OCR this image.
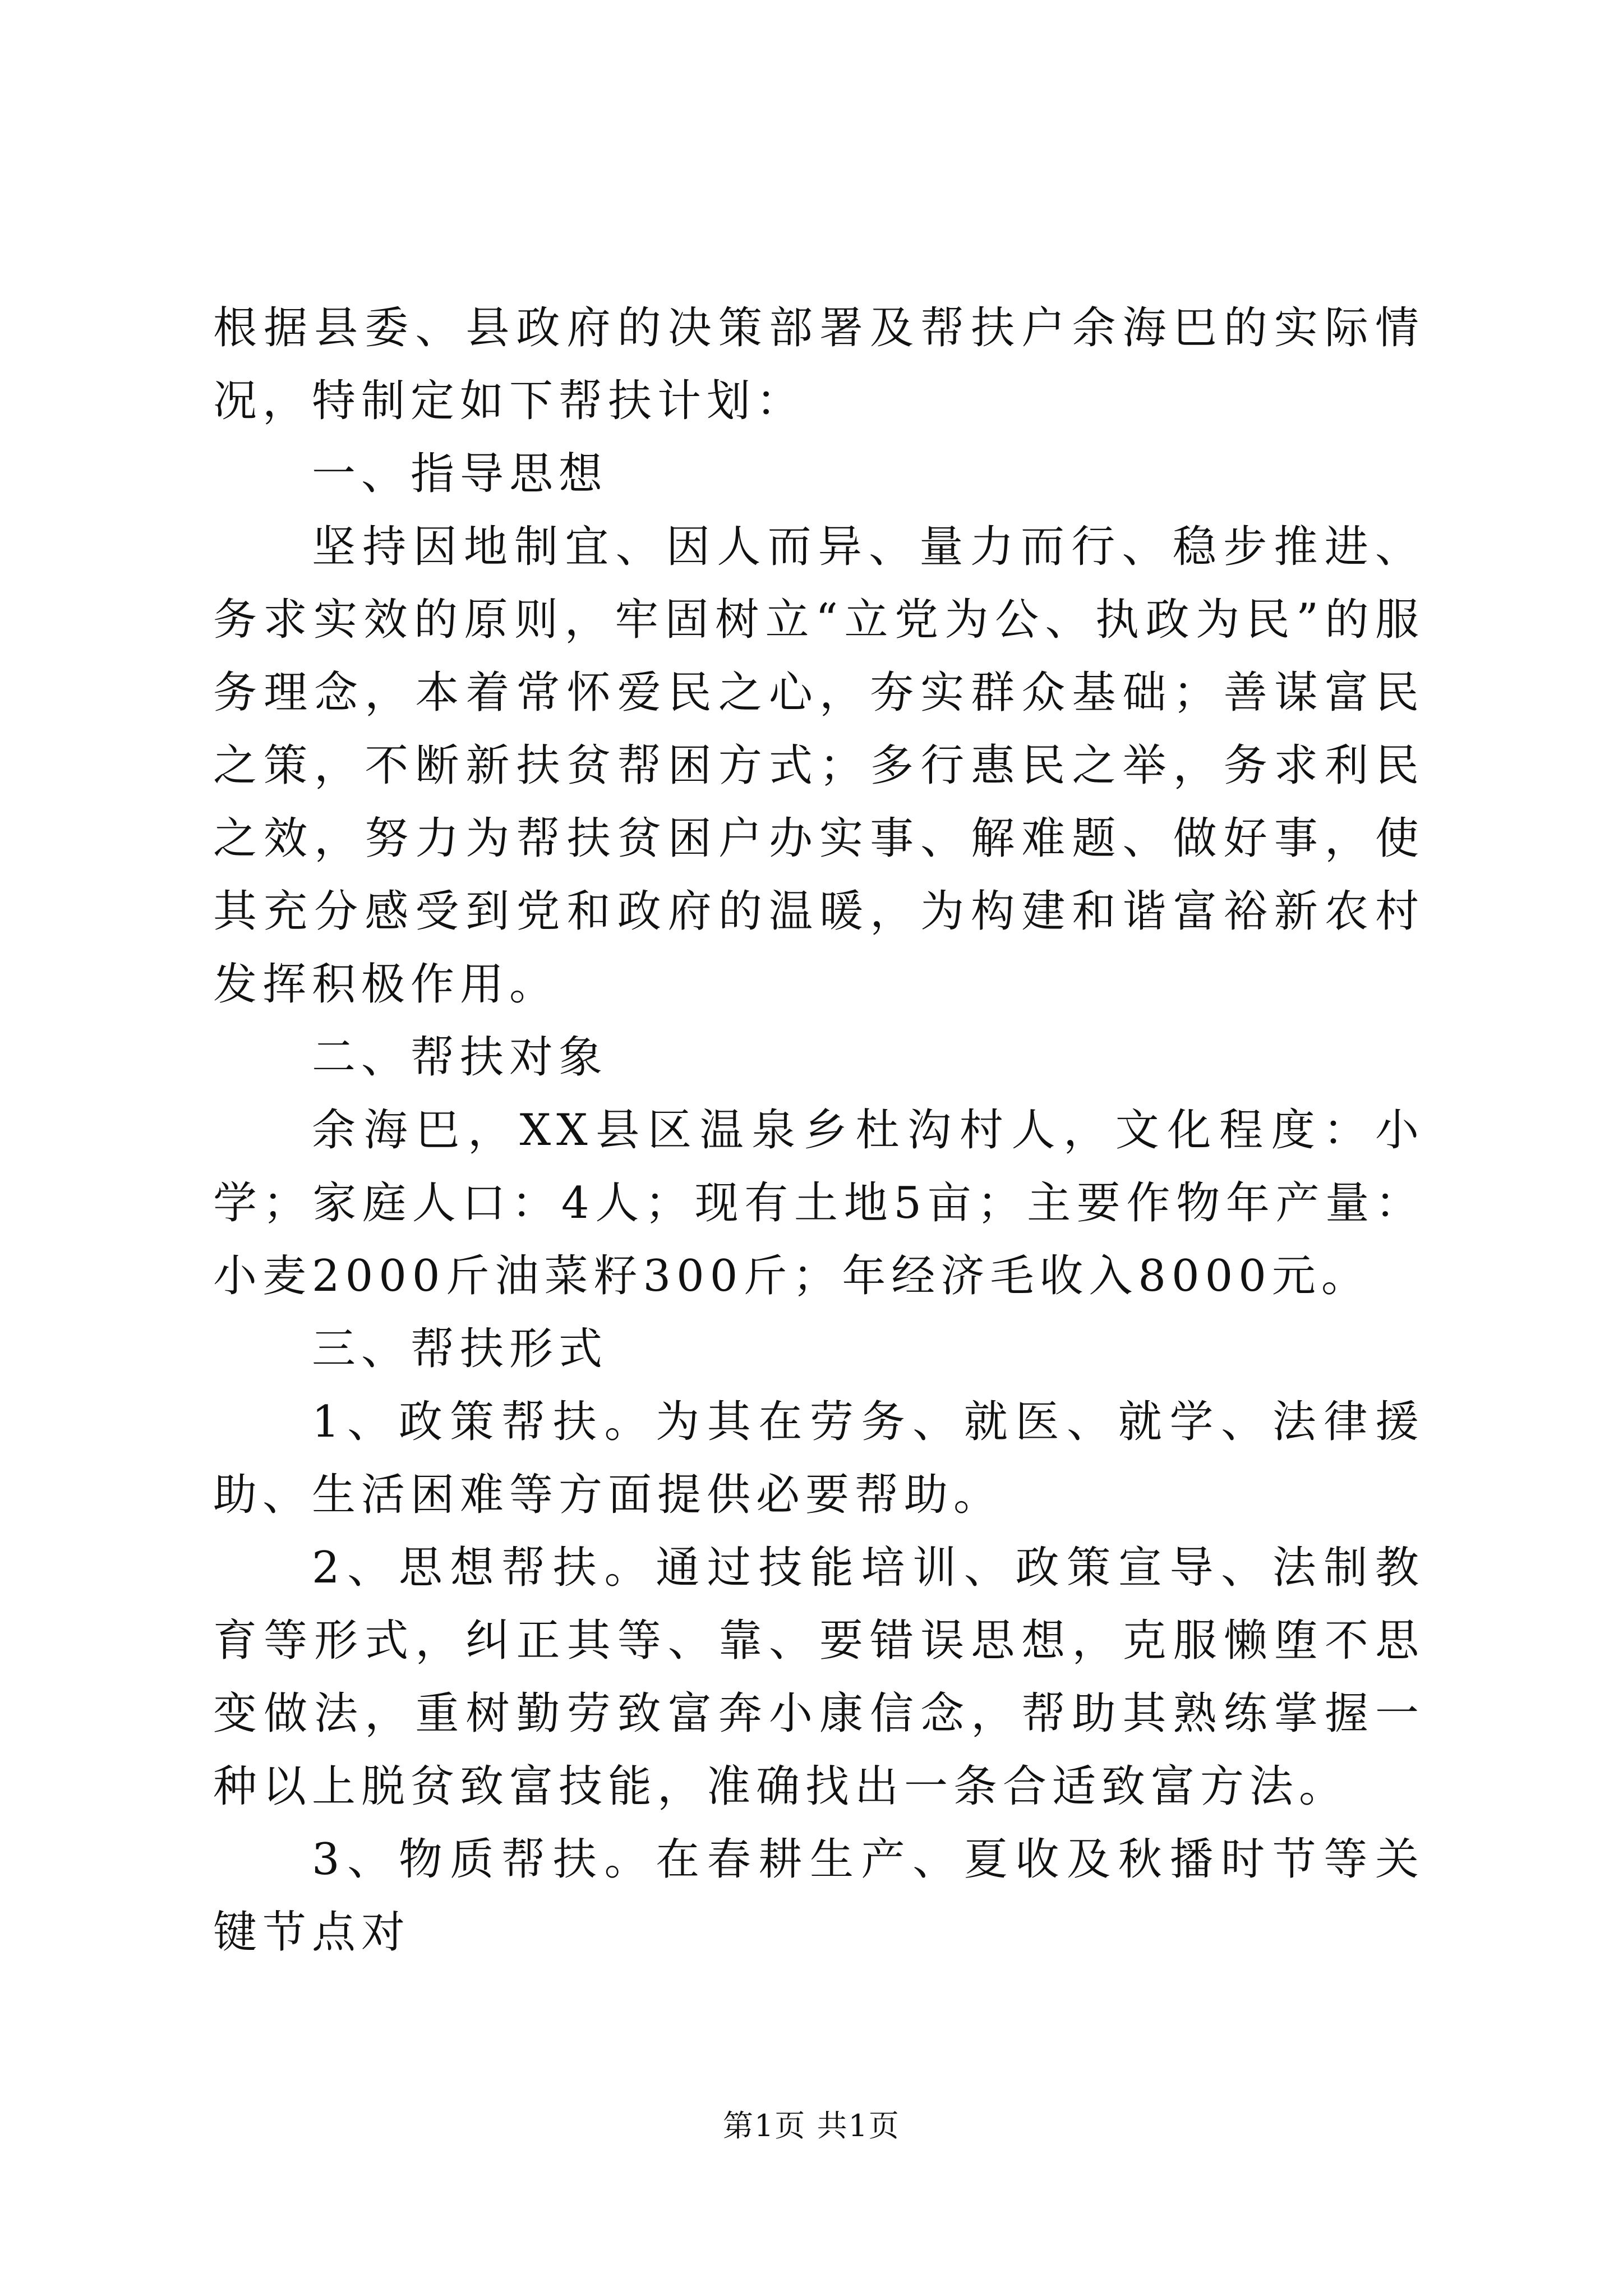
根据县委、县政府的决策部署及帮扶户余海巴的实际情况，特制定如下帮扶计划：

一、指导思想

坚持因地制宜、因人而异、量力而行、稳步推进、务求实效的原则，牢固树立“立党为公、执政为民”的服务理念，本着常怀爱民之心，夯实群众基础；善谋富民之策，不断新扶贫帮困方式；多行惠民之举，务求利民之效，努力为帮扶贫困户办实事、解难题、做好事，使其充分感受到党和政府的温暖，为构建和谐富裕新农村发挥积极作用。

二、帮扶对象

余海巴，XX县区温泉乡杜沟村人，文化程度：小学；家庭人口：4人；现有土地5亩；主要作物年产量：小麦2000斤油菜籽300斤；年经济毛收入8000元。

三、帮扶形式

1、政策帮扶。为其在劳务、就医、就学、法律援助、生活困难等方面提供必要帮助。

2、思想帮扶。通过技能培训、政策宣导、法制教育等形式，纠正其等、靠、要错误思想，克服懒堕不思变做法，重树勤劳致富奔小康信念，帮助其熟练掌握一种以上脱贫致富技能，准确找出一条合适致富方法。

3、物质帮扶。在春耕生产、夏收及秋播时节等关键节点对

第1页 共1页
